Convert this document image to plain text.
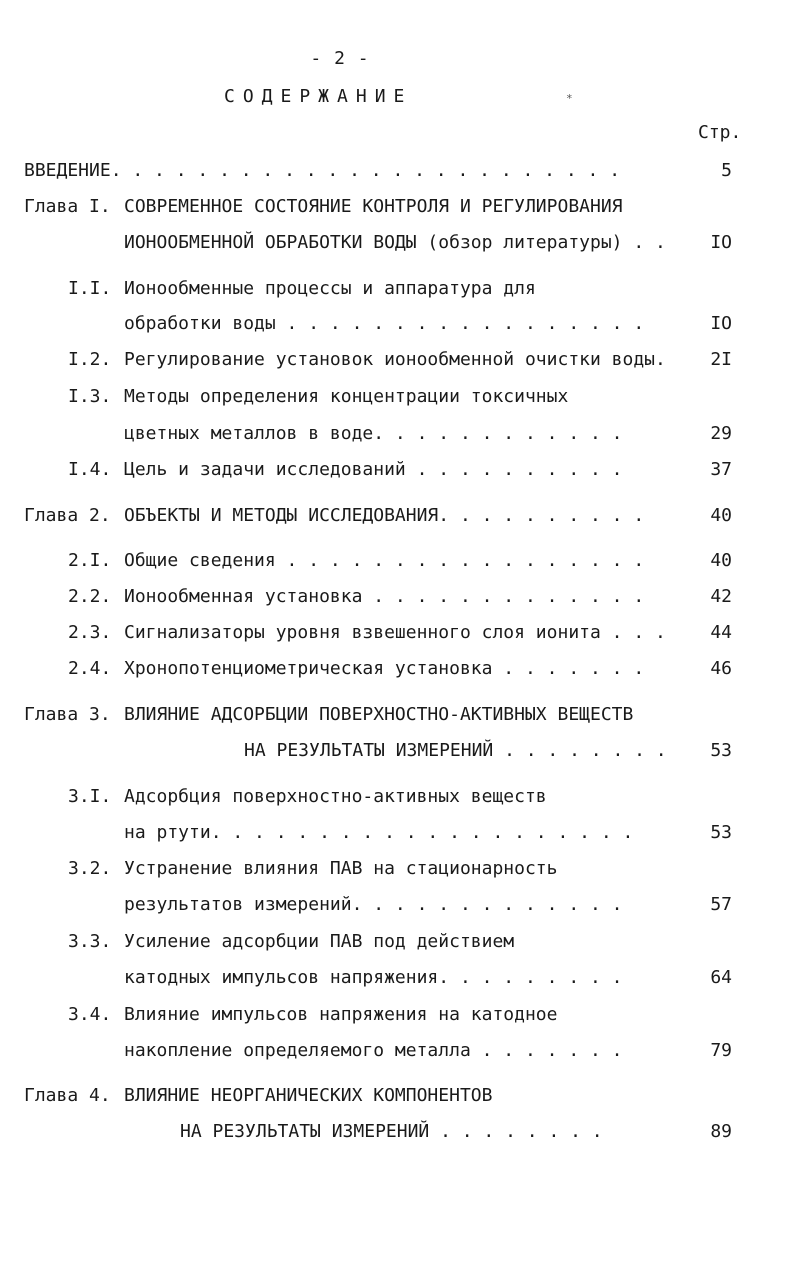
- 2 -
СОДЕРЖАНИЕ	*
Стр.
ВВЕДЕНИЕ. . . . . . . . . . . . . . . . . . . . . . . .	5
Глава I. СОВРЕМЕННОЕ СОСТОЯНИЕ КОНТРОЛЯ И РЕГУЛИРОВАНИЯ
ИОНООБМЕННОЙ ОБРАБОТКИ ВОДЫ (обзор литературы) . .	IO
I.I. Ионообменные процессы и аппаратура для
обработки воды . . . . . . . . . . . . . . . . .	IO
I.2. Регулирование установок ионообменной очистки воды.	2I
I.3. Методы определения концентрации токсичных
цветных металлов в воде. . . . . . . . . . . .	29
I.4. Цель и задачи исследований . . . . . . . . . .	37
Глава 2. ОБЪЕКТЫ И МЕТОДЫ ИССЛЕДОВАНИЯ. . . . . . . . . .	40
2.I. Общие сведения . . . . . . . . . . . . . . . . .	40
2.2. Ионообменная установка . . . . . . . . . . . . .	42
2.3. Сигнализаторы уровня взвешенного слоя ионита . . .	44
2.4. Хронопотенциометрическая установка . . . . . . .	46
Глава 3. ВЛИЯНИЕ АДСОРБЦИИ ПОВЕРХНОСТНО-АКТИВНЫХ ВЕЩЕСТВ
НА РЕЗУЛЬТАТЫ ИЗМЕРЕНИЙ . . . . . . . .	53
3.I. Адсорбция поверхностно-активных веществ
на ртути. . . . . . . . . . . . . . . . . . . .	53
3.2. Устранение влияния ПАВ на стационарность
результатов измерений. . . . . . . . . . . . .	57
3.3. Усиление адсорбции ПАВ под действием
катодных импульсов напряжения. . . . . . . . .	64
3.4. Влияние импульсов напряжения на катодное
накопление определяемого металла . . . . . . .	79
Глава 4. ВЛИЯНИЕ НЕОРГАНИЧЕСКИХ КОМПОНЕНТОВ
НА РЕЗУЛЬТАТЫ ИЗМЕРЕНИЙ . . . . . . . .	89
